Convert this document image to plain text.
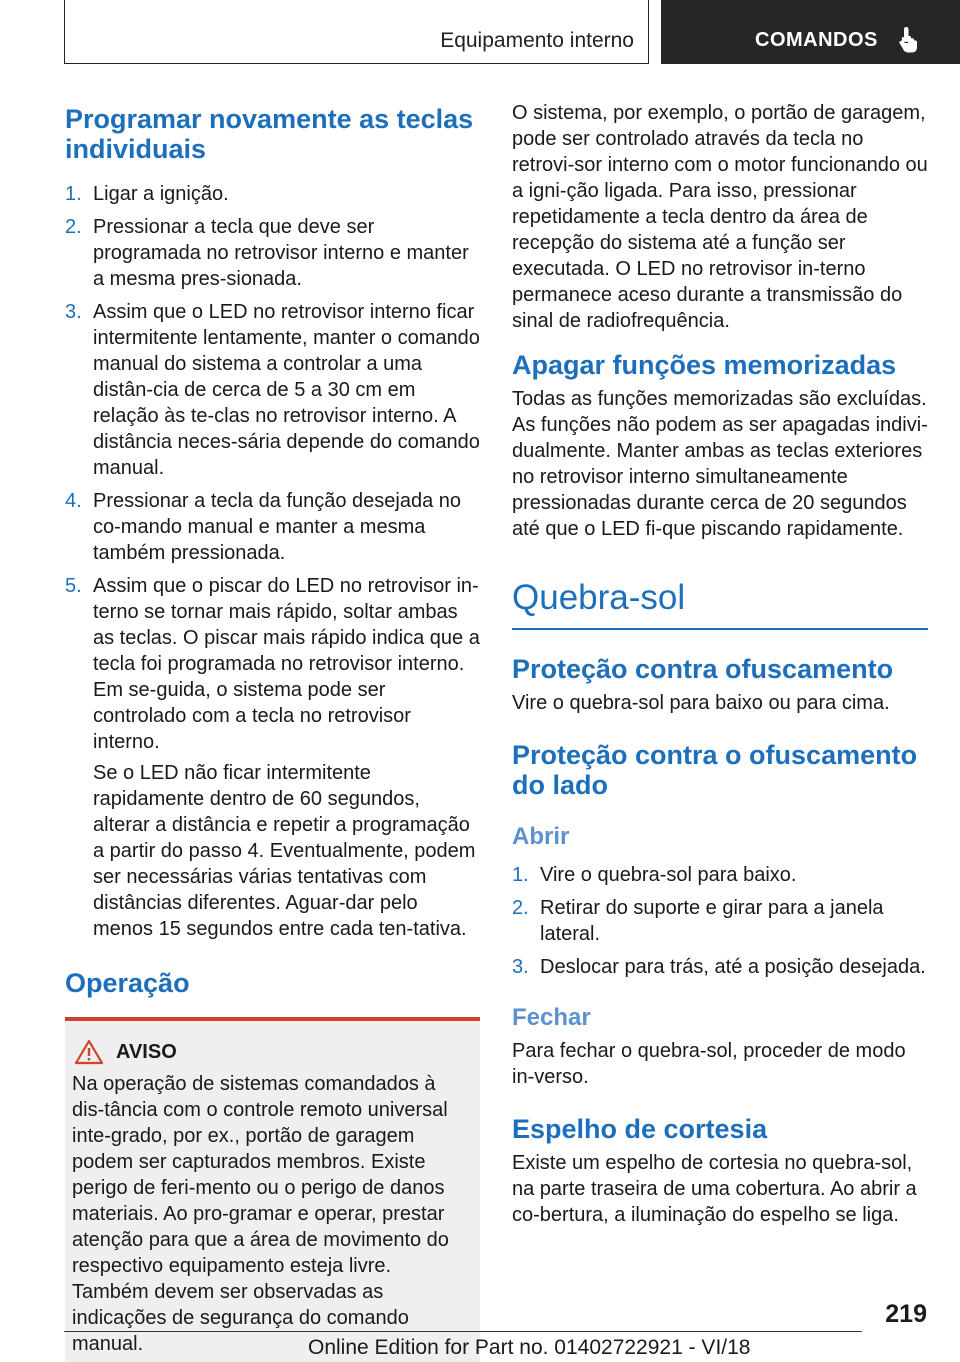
Equipamento interno	COMANDOS
Programar novamente as teclas individuais
1. Ligar a ignição.
2. Pressionar a tecla que deve ser programada no retrovisor interno e manter a mesma pres-sionada.
3. Assim que o LED no retrovisor interno ficar intermitente lentamente, manter o comando manual do sistema a controlar a uma distân-cia de cerca de 5 a 30 cm em relação às te-clas no retrovisor interno. A distância neces-sária depende do comando manual.
4. Pressionar a tecla da função desejada no co-mando manual e manter a mesma também pressionada.
5. Assim que o piscar do LED no retrovisor in-terno se tornar mais rápido, soltar ambas as teclas. O piscar mais rápido indica que a tecla foi programada no retrovisor interno. Em se-guida, o sistema pode ser controlado com a tecla no retrovisor interno.

Se o LED não ficar intermitente rapidamente dentro de 60 segundos, alterar a distância e repetir a programação a partir do passo 4. Eventualmente, podem ser necessárias várias tentativas com distâncias diferentes. Aguar-dar pelo menos 15 segundos entre cada ten-tativa.

Operação
AVISO

Na operação de sistemas comandados à dis-tância com o controle remoto universal inte-grado, por ex., portão de garagem podem ser capturados membros. Existe perigo de feri-mento ou o perigo de danos materiais. Ao pro-gramar e operar, prestar atenção para que a área de movimento do respectivo equipamento esteja livre. Também devem ser observadas as indicações de segurança do comando manual.

O sistema, por exemplo, o portão de garagem, pode ser controlado através da tecla no retrovi-sor interno com o motor funcionando ou a igni-ção ligada. Para isso, pressionar repetidamente a tecla dentro da área de recepção do sistema até a função ser executada. O LED no retrovisor in-terno permanece aceso durante a transmissão do sinal de radiofrequência.

Apagar funções memorizadas

Todas as funções memorizadas são excluídas. As funções não podem as ser apagadas indivi-dualmente. Manter ambas as teclas exteriores no retrovisor interno simultaneamente pressionadas durante cerca de 20 segundos até que o LED fi-que piscando rapidamente.

Quebra-sol
Proteção contra ofuscamento

Vire o quebra-sol para baixo ou para cima.

Proteção contra o ofuscamento do lado
Abrir
1. Vire o quebra-sol para baixo.
2. Retirar do suporte e girar para a janela lateral.
3. Deslocar para trás, até a posição desejada.
Fechar

Para fechar o quebra-sol, proceder de modo in-verso.

Espelho de cortesia

Existe um espelho de cortesia no quebra-sol, na parte traseira de uma cobertura. Ao abrir a co-bertura, a iluminação do espelho se liga.

219
Online Edition for Part no. 01402722921 - VI/18
